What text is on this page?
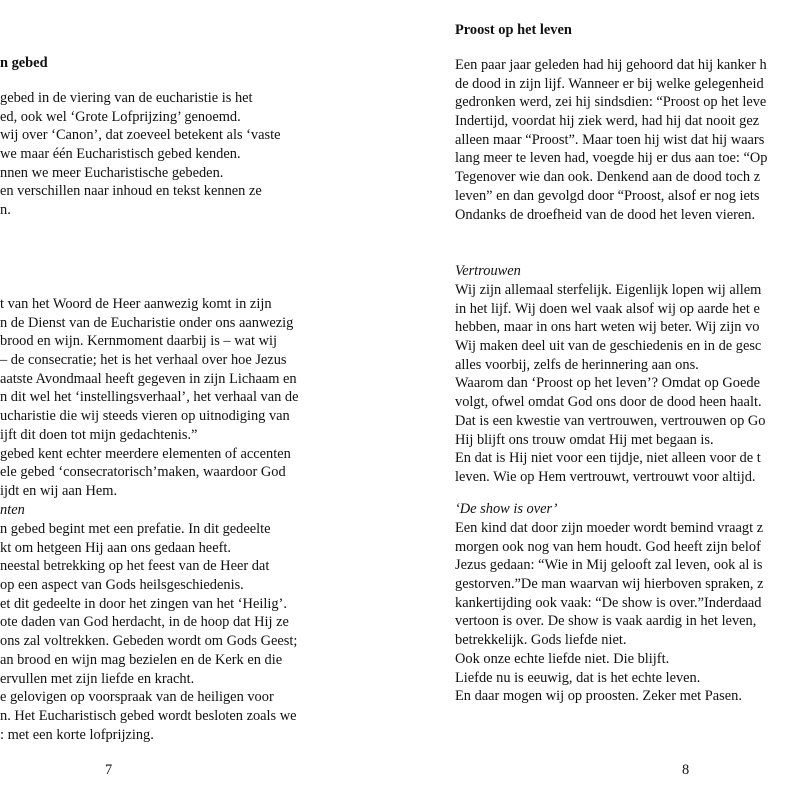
n gebed
gebed in de viering van de eucharistie is het
ed, ook wel ‘Grote Lofprijzing’ genoemd.
wij over ‘Canon’, dat zoeveel betekent als ‘vaste
we maar één Eucharistisch gebed kenden.
nnen we meer Eucharistische gebeden.
en verschillen naar inhoud en tekst kennen ze
n.
t van het Woord de Heer aanwezig komt in zijn
n de Dienst van de Eucharistie onder ons aanwezig
brood en wijn. Kernmoment daarbij is – wat wij
– de consecratie; het is het verhaal over hoe Jezus
aatste Avondmaal heeft gegeven in zijn Lichaam en
n dit wel het ‘instellingsverhaal’, het verhaal van de
ucharistie die wij steeds vieren op uitnodiging van
ijft dit doen tot mijn gedachtenis.”
gebed kent echter meerdere elementen of accenten
ele gebed ‘consecratorisch’maken, waardoor God
ijdt en wij aan Hem.
nten
n gebed begint met een prefatie. In dit gedeelte
kt om hetgeen Hij aan ons gedaan heeft.
neestal betrekking op het feest van de Heer dat
op een aspect van Gods heilsgeschiedenis.
et dit gedeelte in door het zingen van het ‘Heilig’.
ote daden van God herdacht, in de hoop dat Hij ze
ons zal voltrekken. Gebeden wordt om Gods Geest;
an brood en wijn mag bezielen en de Kerk en die
ervullen met zijn liefde en kracht.
e gelovigen op voorspraak van de heiligen voor
n. Het Eucharistisch gebed wordt besloten zoals we
: met een korte lofprijzing.
7
Proost op het leven
Een paar jaar geleden had hij gehoord dat hij kanker h
de dood in zijn lijf. Wanneer er bij welke gelegenheid
gedronken werd, zei hij sindsdien: “Proost op het leve
Indertijd, voordat hij ziek werd, had hij dat nooit gez
alleen maar “Proost”. Maar toen hij wist dat hij waars
lang meer te leven had, voegde hij er dus aan toe: “Op
Tegenover wie dan ook. Denkend aan de dood toch z
leven” en dan gevolgd door “Proost, alsof er nog iets
Ondanks de droefheid van de dood het leven vieren.
Vertrouwen
Wij zijn allemaal sterfelijk. Eigenlijk lopen wij allem
in het lijf. Wij doen wel vaak alsof wij op aarde het e
hebben, maar in ons hart weten wij beter. Wij zijn vo
Wij maken deel uit van de geschiedenis en in de gesc
alles voorbij, zelfs de herinnering aan ons.
Waarom dan ‘Proost op het leven’? Omdat op Goede
volgt, ofwel omdat God ons door de dood heen haalt.
Dat is een kwestie van vertrouwen, vertrouwen op Go
Hij blijft ons trouw omdat Hij met begaan is.
En dat is Hij niet voor een tijdje, niet alleen voor de t
leven. Wie op Hem vertrouwt, vertrouwt voor altijd.
‘De show is over’
Een kind dat door zijn moeder wordt bemind vraagt z
morgen ook nog van hem houdt. God heeft zijn belof
Jezus gedaan: “Wie in Mij gelooft zal leven, ook al is
gestorven.”De man waarvan wij hierboven spraken, z
kankertijding ook vaak: “De show is over.”Inderdaad
vertoon is over. De show is vaak aardig in het leven,
betrekkelijk. Gods liefde niet.
Ook onze echte liefde niet. Die blijft.
Liefde nu is eeuwig, dat is het echte leven.
En daar mogen wij op proosten. Zeker met Pasen.
8
